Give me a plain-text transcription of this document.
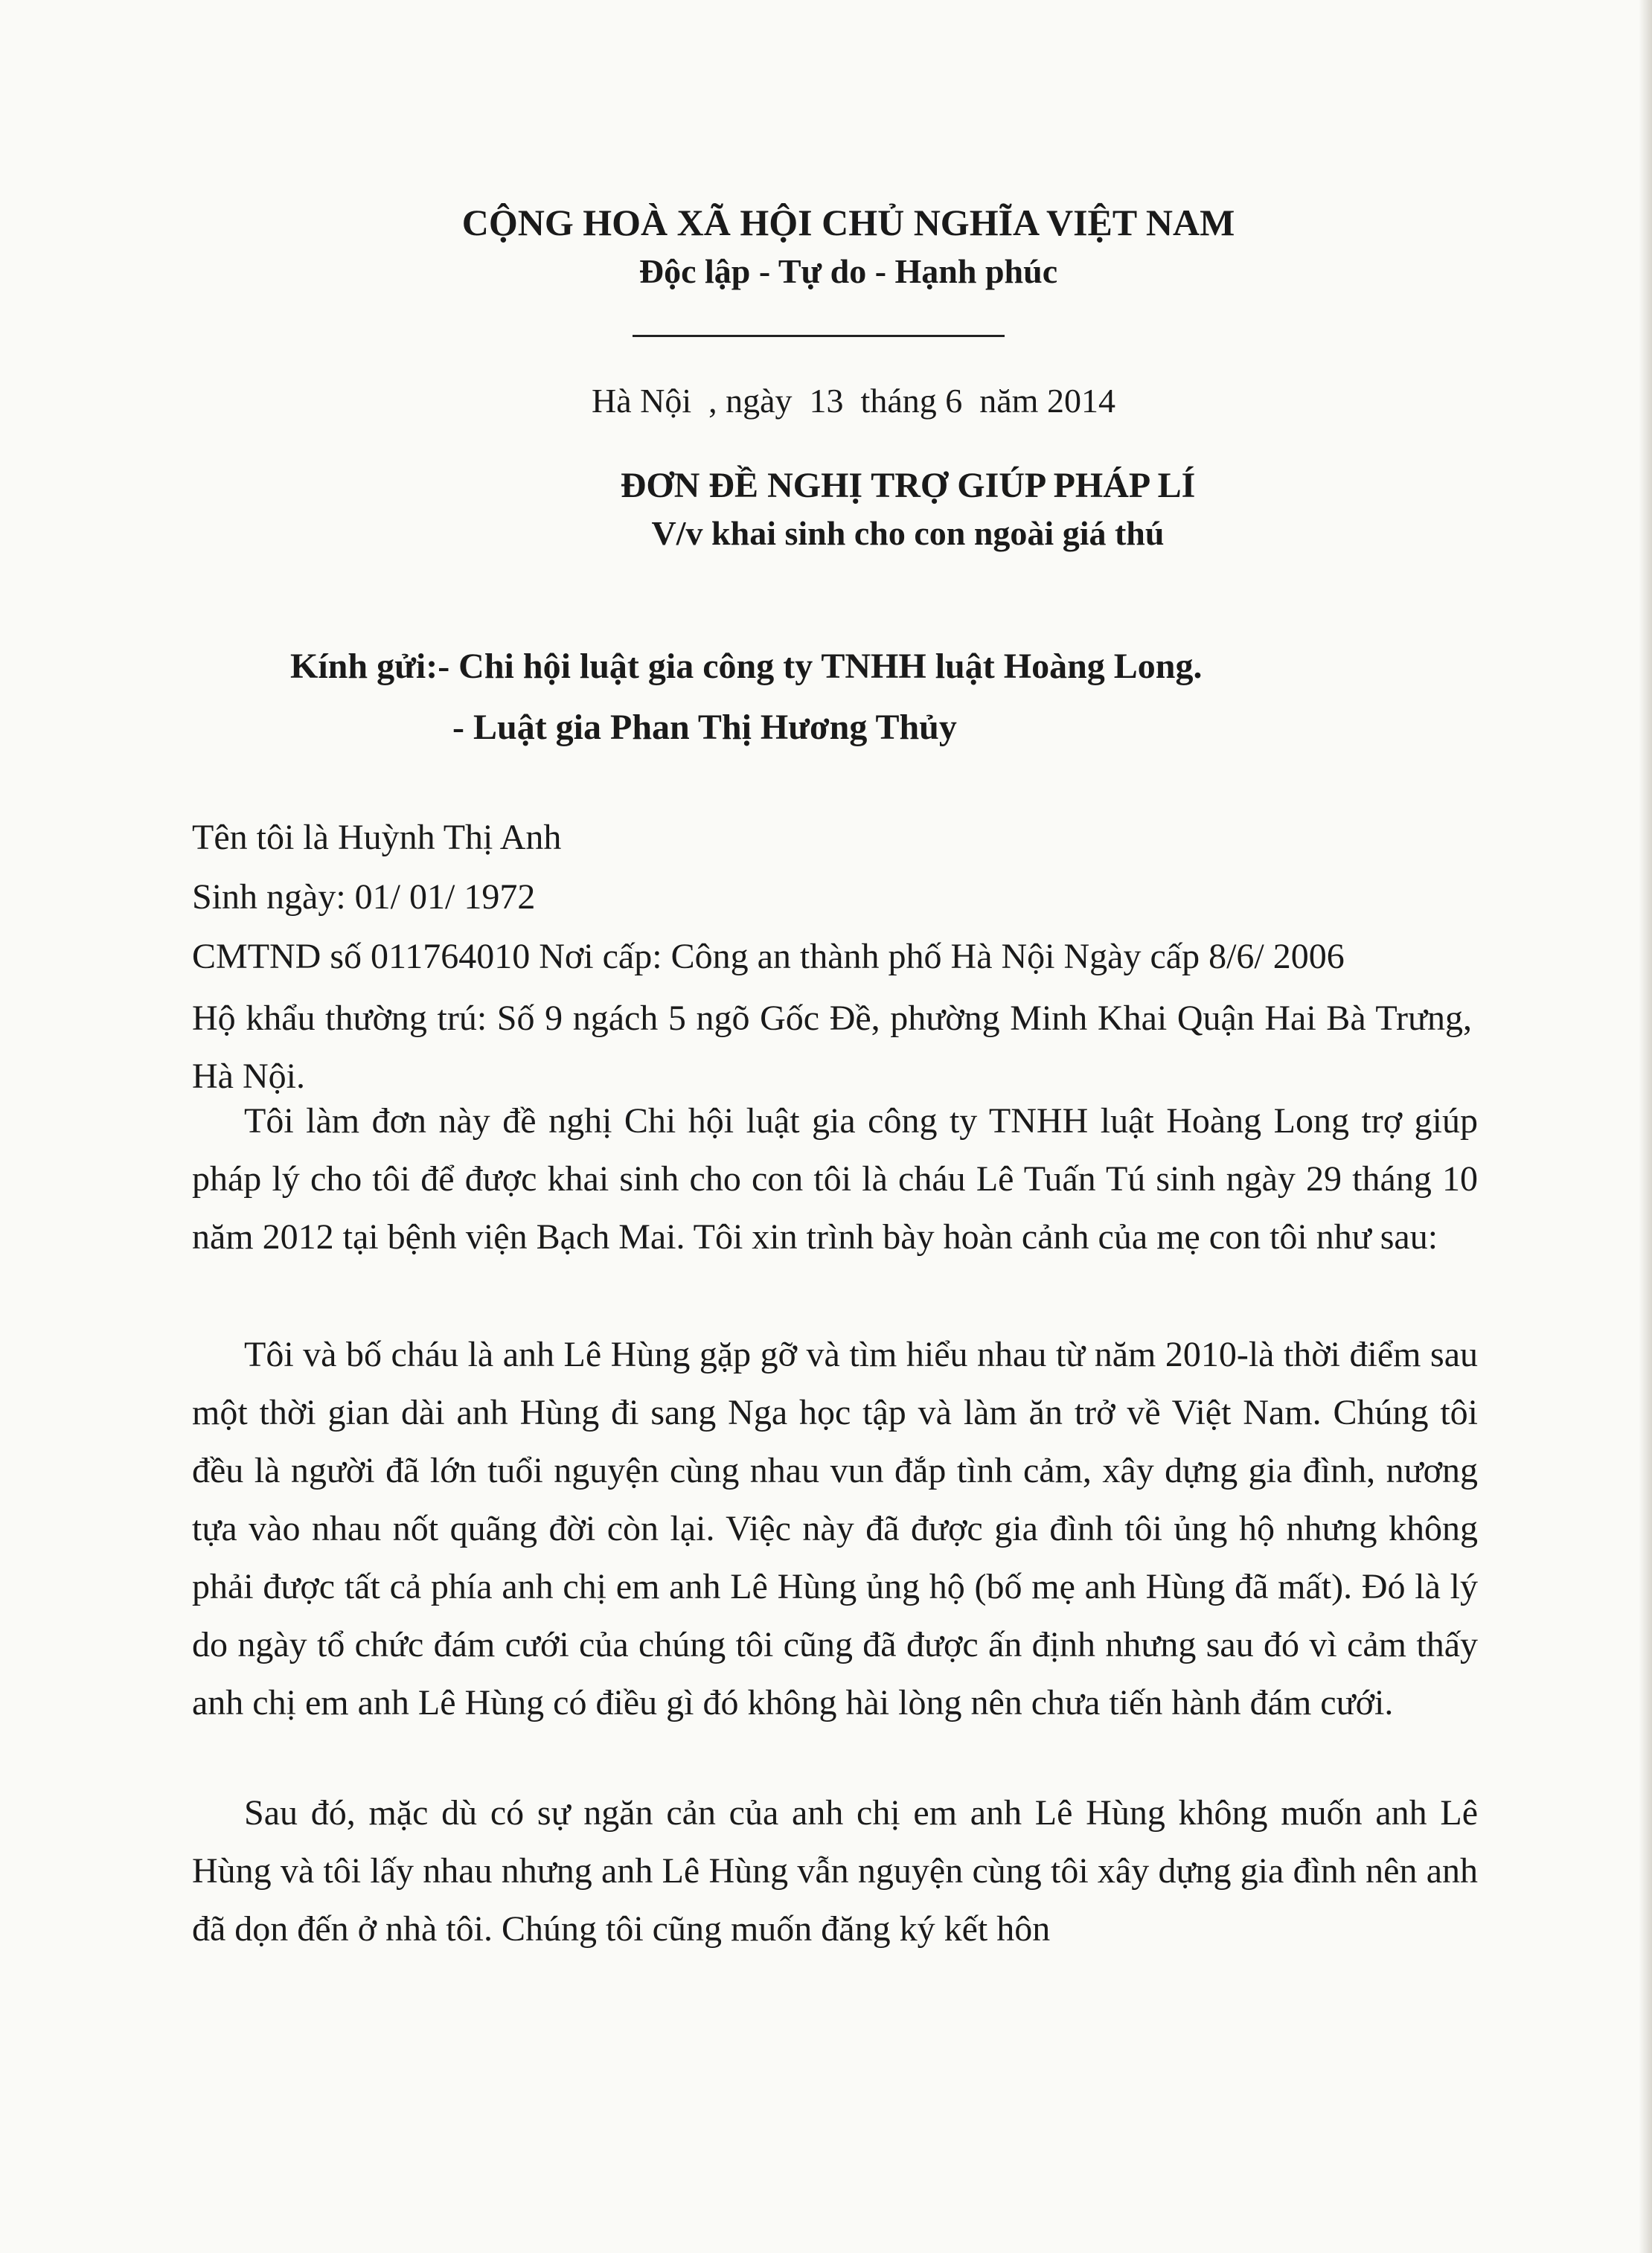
CỘNG HOÀ XÃ HỘI CHỦ NGHĨA VIỆT NAM
Độc lập - Tự do - Hạnh phúc
Hà Nội  , ngày  13  tháng 6  năm 2014
ĐƠN ĐỀ NGHỊ TRỢ GIÚP PHÁP LÍ
V/v khai sinh cho con ngoài giá thú
Kính gửi:- Chi hội luật gia công ty TNHH luật Hoàng Long.
- Luật gia Phan Thị Hương Thủy
Tên tôi là Huỳnh Thị Anh
Sinh ngày: 01/ 01/ 1972
CMTND số 011764010 Nơi cấp: Công an thành phố Hà Nội Ngày cấp 8/6/ 2006
Hộ khẩu thường trú: Số 9 ngách 5 ngõ Gốc Đề, phường Minh Khai Quận Hai Bà Trưng, Hà Nội.

Tôi làm đơn này đề nghị Chi hội luật gia công ty TNHH luật Hoàng Long trợ giúp pháp lý cho tôi để được khai sinh cho con tôi là cháu Lê Tuấn Tú sinh ngày 29 tháng 10 năm 2012 tại bệnh viện Bạch Mai. Tôi xin trình bày hoàn cảnh của mẹ con tôi như sau:

Tôi và bố cháu là anh Lê Hùng gặp gỡ và tìm hiểu nhau từ năm 2010-là thời điểm sau một thời gian dài anh Hùng đi sang Nga học tập và làm ăn trở về Việt Nam. Chúng tôi đều là người đã lớn tuổi nguyện cùng nhau vun đắp tình cảm, xây dựng gia đình, nương tựa vào nhau nốt quãng đời còn lại. Việc này đã được gia đình tôi ủng hộ nhưng không phải được tất cả phía anh chị em anh Lê Hùng ủng hộ (bố mẹ anh Hùng đã mất). Đó là lý do ngày tổ chức đám cưới của chúng tôi cũng đã được ấn định nhưng sau đó vì cảm thấy anh chị em anh Lê Hùng có điều gì đó không hài lòng nên chưa tiến hành đám cưới.

Sau đó, mặc dù có sự ngăn cản của anh chị em anh Lê Hùng không muốn anh Lê Hùng và tôi lấy nhau nhưng anh Lê Hùng vẫn nguyện cùng tôi xây dựng gia đình nên anh đã dọn đến ở nhà tôi. Chúng tôi cũng muốn đăng ký kết hôn
